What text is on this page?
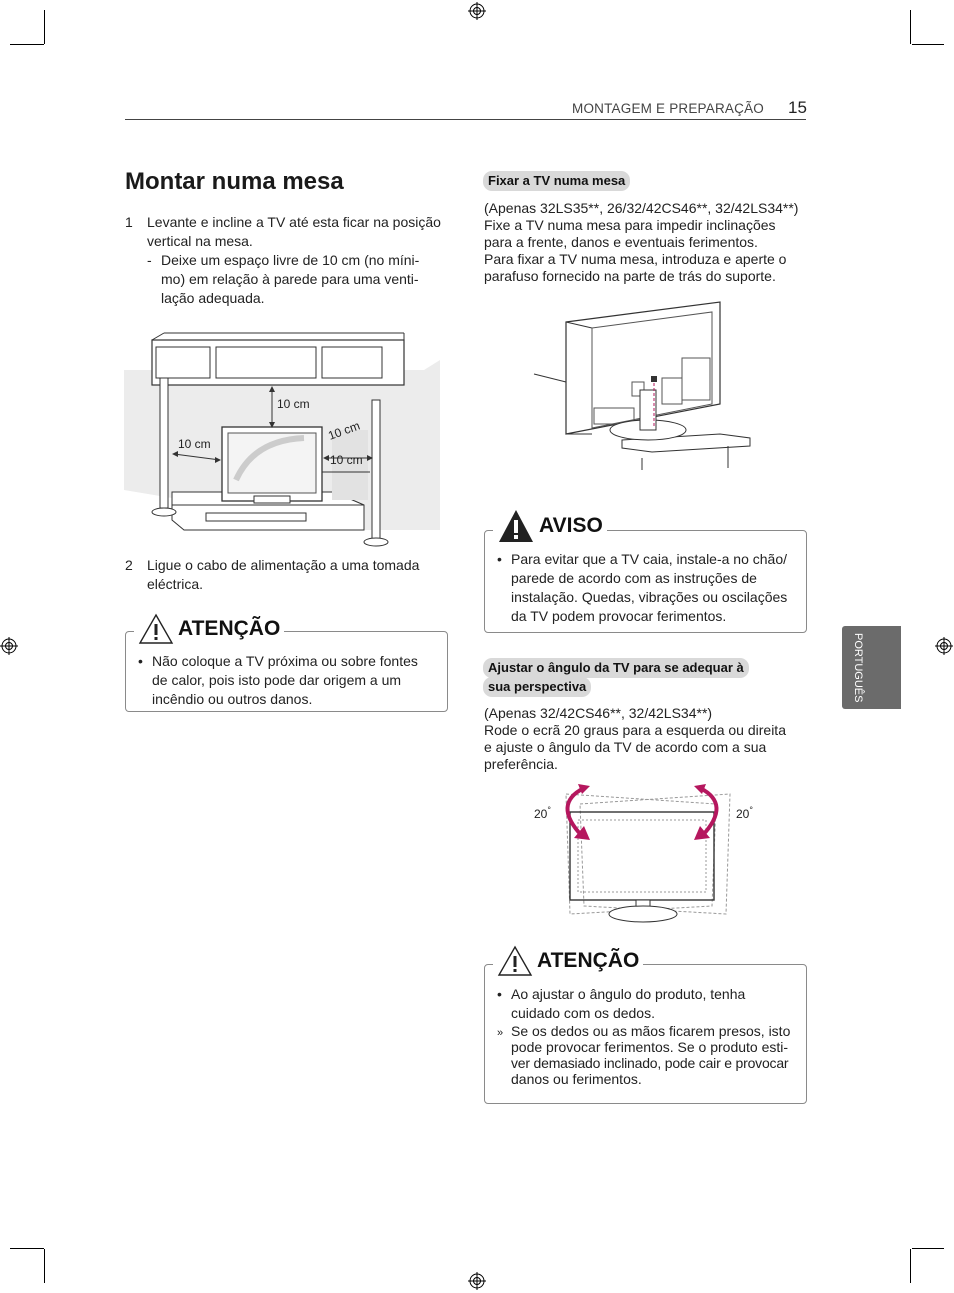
MONTAGEM E PREPARAÇÃO 15
PORTUGUÊS
Montar numa mesa
1 Levante e incline a TV até esta ficar na posição
vertical na mesa.
- Deixe um espaço livre de 10 cm (no míni-
mo) em relação à parede para uma venti-
lação adequada.
10 cm
10 cm
10 cm
10 cm
2 Ligue o cabo de alimentação a uma tomada
eléctrica.
ATENÇÃO
• Não coloque a TV próxima ou sobre fontes
de calor, pois isto pode dar origem a um
incêndio ou outros danos.
Fixar a TV numa mesa
(Apenas 32LS35**, 26/32/42CS46**, 32/42LS34**)
Fixe a TV numa mesa para impedir inclinações
para a frente, danos e eventuais ferimentos.
Para fixar a TV numa mesa, introduza e aperte o
parafuso fornecido na parte de trás do suporte.
AVISO
• Para evitar que a TV caia, instale-a no chão/
parede de acordo com as instruções de
instalação. Quedas, vibrações ou oscilações
da TV podem provocar ferimentos.
Ajustar o ângulo da TV para se adequar à
sua perspectiva
(Apenas 32/42CS46**, 32/42LS34**)
Rode o ecrã 20 graus para a esquerda ou direita
e ajuste o ângulo da TV de acordo com a sua
preferência.
20°	20°
ATENÇÃO
• Ao ajustar o ângulo do produto, tenha
cuidado com os dedos.
» Se os dedos ou as mãos ficarem presos, isto
pode provocar ferimentos. Se o produto esti-
ver demasiado inclinado, pode cair e provocar
danos ou ferimentos.
